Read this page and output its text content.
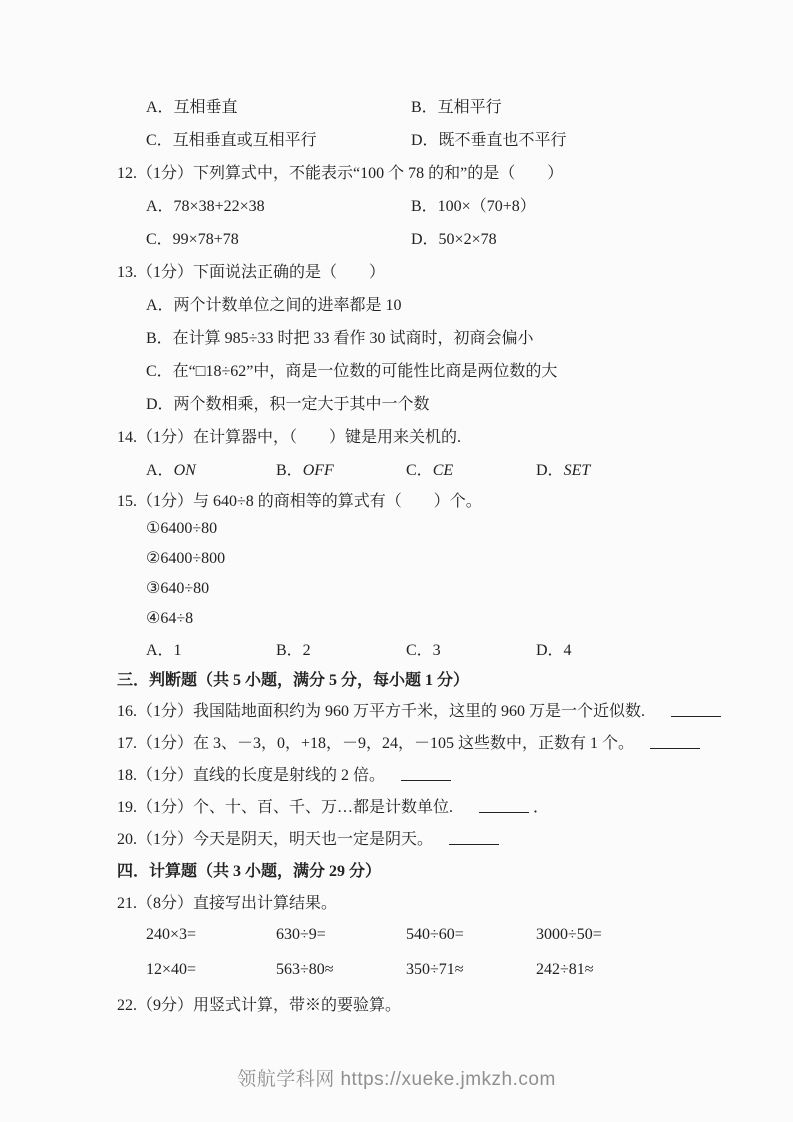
A．互相垂直	B．互相平行
C．互相垂直或互相平行	D．既不垂直也不平行
12.（1分）下列算式中，不能表示“100 个 78 的和”的是（　　）
A．78×38+22×38	B．100×（70+8）
C．99×78+78	D．50×2×78
13.（1分）下面说法正确的是（　　）
A．两个计数单位之间的进率都是 10
B．在计算 985÷33 时把 33 看作 30 试商时，初商会偏小
C．在“□18÷62”中，商是一位数的可能性比商是两位数的大
D．两个数相乘，积一定大于其中一个数
14.（1分）在计算器中，（　　）键是用来关机的.
A．ON	B．OFF	C．CE	D．SET
15.（1分）与 640÷8 的商相等的算式有（　　）个。
①6400÷80
②6400÷800
③640÷80
④64÷8
A．1	B．2	C．3	D．4
三．判断题（共 5 小题，满分 5 分，每小题 1 分）
16.（1分）我国陆地面积约为 960 万平方千米，这里的 960 万是一个近似数.
17.（1分）在 3、－3，0，+18，－9，24，－105 这些数中，正数有 1 个。
18.（1分）直线的长度是射线的 2 倍。
19.（1分）个、十、百、千、万…都是计数单位.	．
20.（1分）今天是阴天，明天也一定是阴天。
四．计算题（共 3 小题，满分 29 分）
21.（8分）直接写出计算结果。
240×3=	630÷9=	540÷60=	3000÷50=
12×40=	563÷80≈	350÷71≈	242÷81≈
22.（9分）用竖式计算，带※的要验算。
领航学科网 https://xueke.jmkzh.com
